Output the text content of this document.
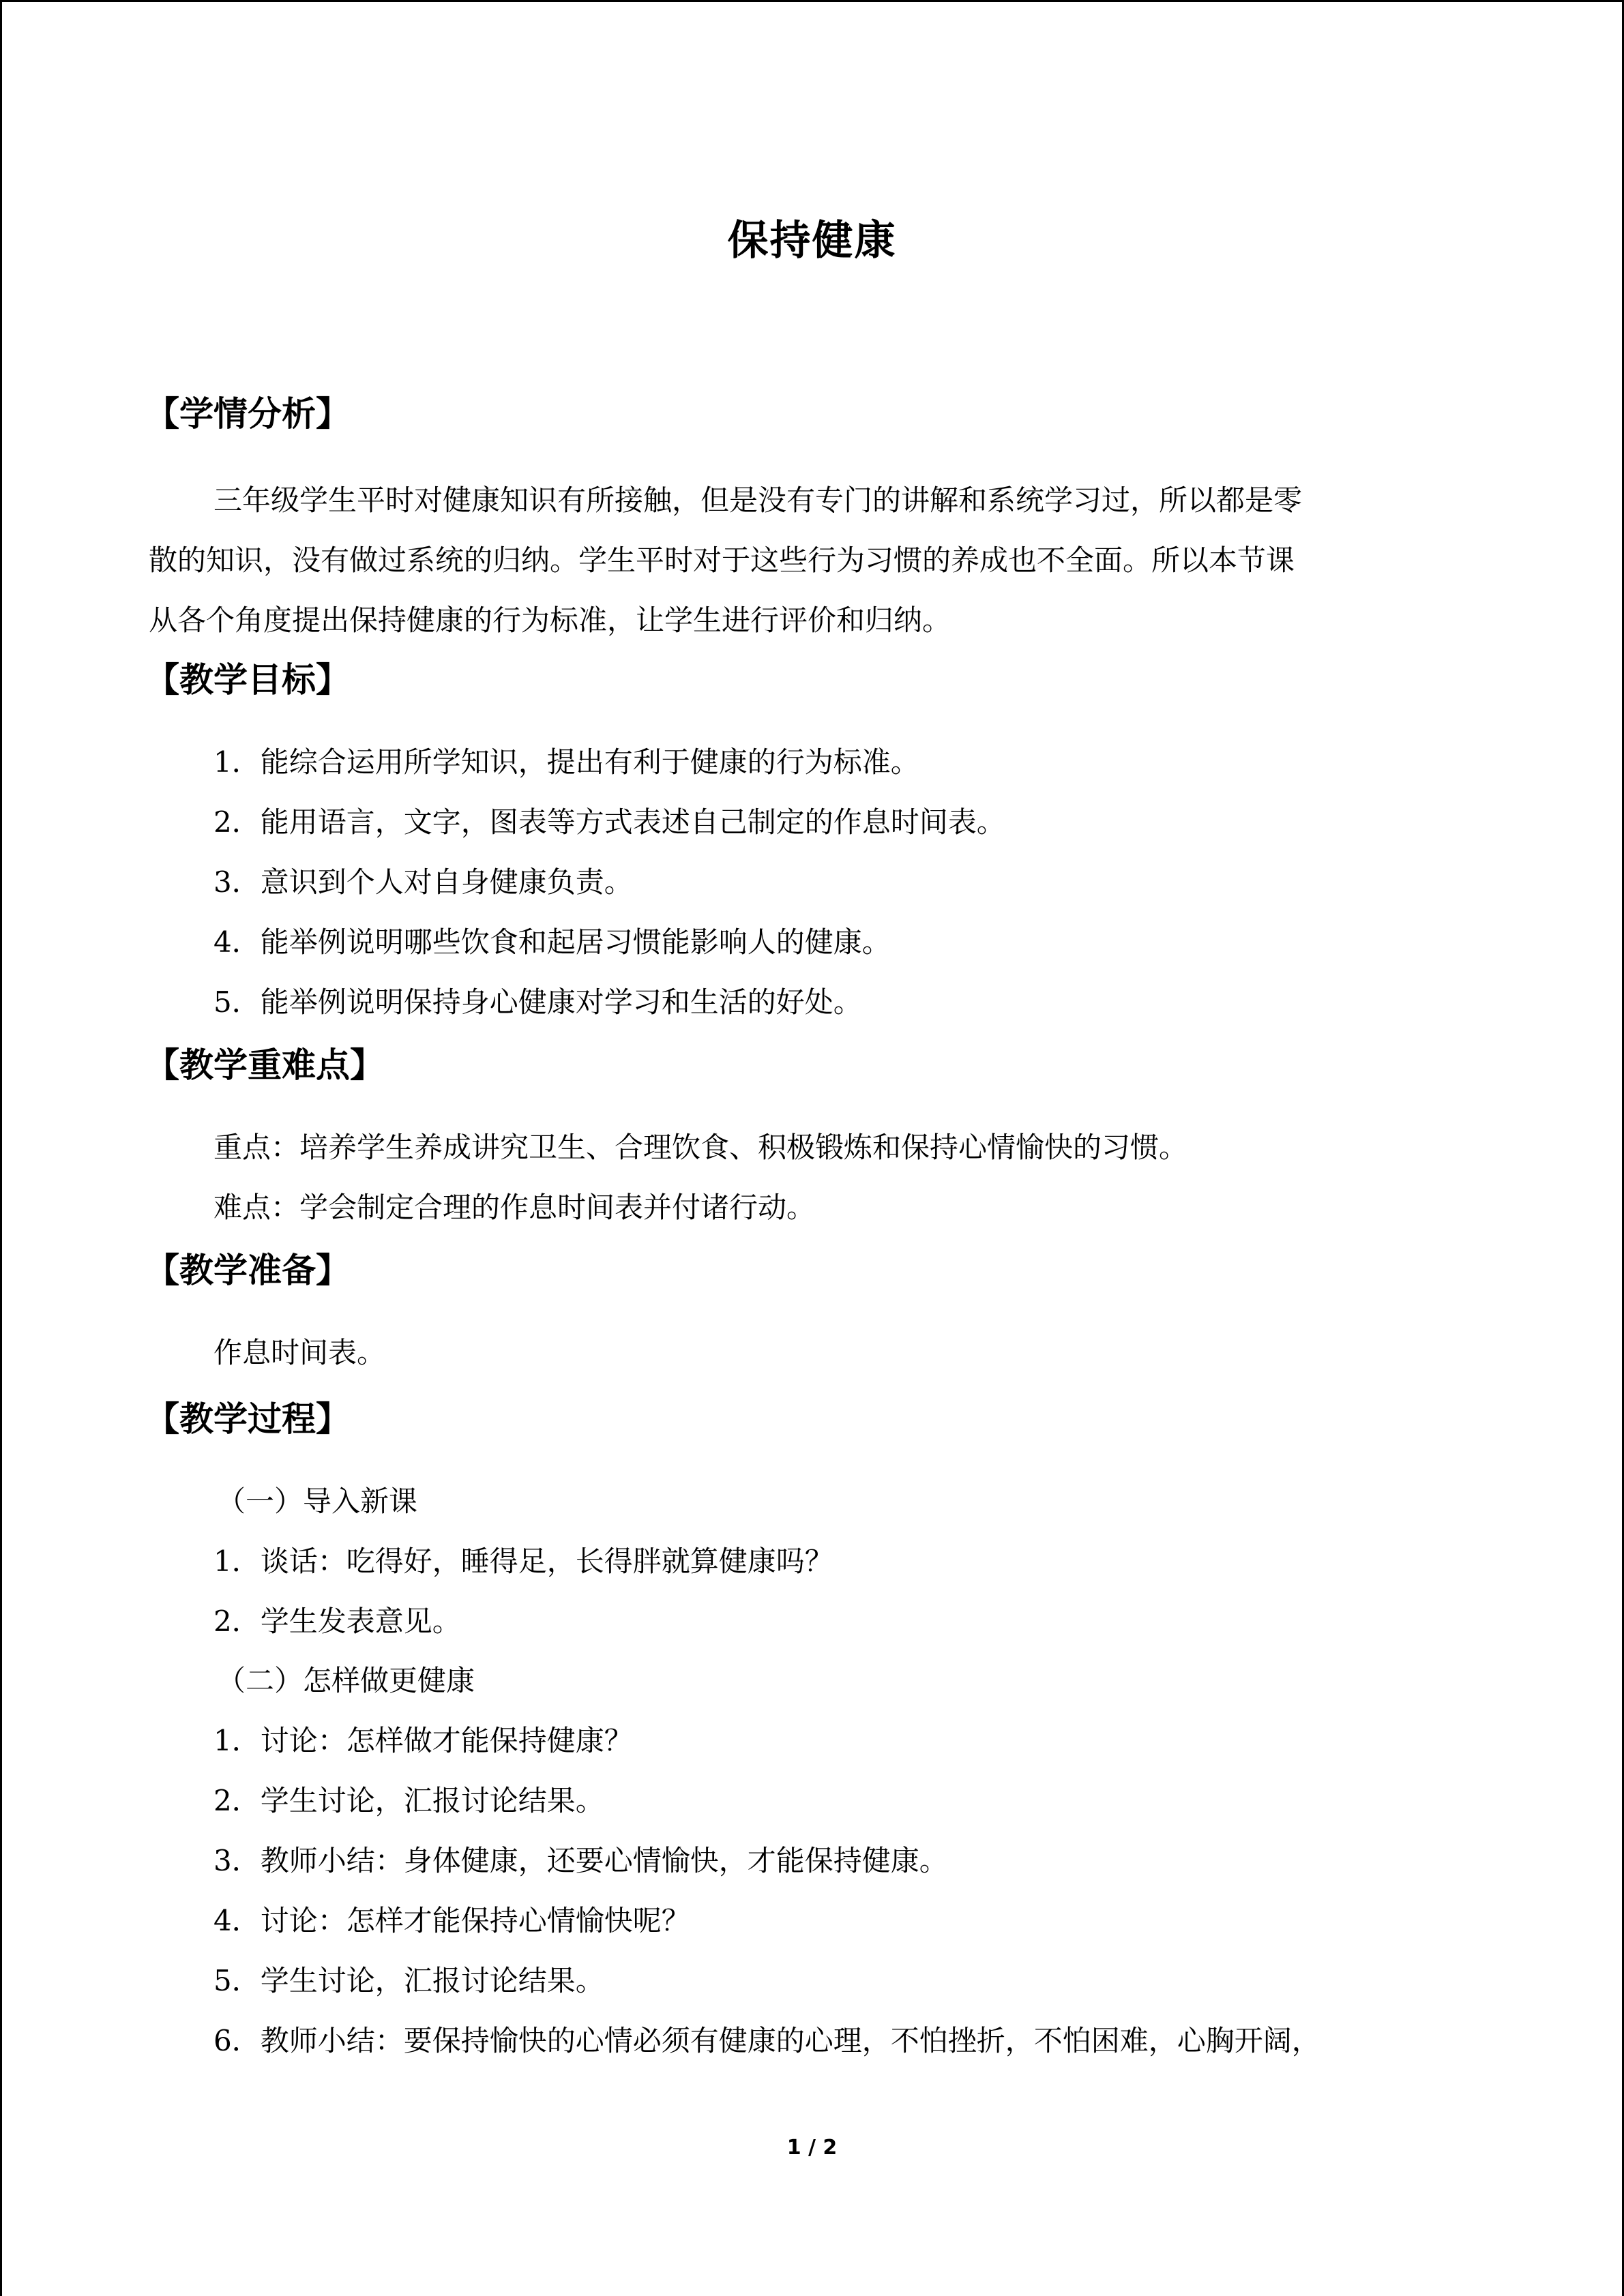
保持健康
【学情分析】
三年级学生平时对健康知识有所接触，但是没有专门的讲解和系统学习过，所以都是零
散的知识，没有做过系统的归纳。学生平时对于这些行为习惯的养成也不全面。所以本节课
从各个角度提出保持健康的行为标准，让学生进行评价和归纳。
【教学目标】
1．能综合运用所学知识，提出有利于健康的行为标准。
2．能用语言，文字，图表等方式表述自己制定的作息时间表。
3．意识到个人对自身健康负责。
4．能举例说明哪些饮食和起居习惯能影响人的健康。
5．能举例说明保持身心健康对学习和生活的好处。
【教学重难点】
重点：培养学生养成讲究卫生、合理饮食、积极锻炼和保持心情愉快的习惯。
难点：学会制定合理的作息时间表并付诸行动。
【教学准备】
作息时间表。
【教学过程】
（一）导入新课
1．谈话：吃得好，睡得足，长得胖就算健康吗？
2．学生发表意见。
（二）怎样做更健康
1．讨论：怎样做才能保持健康？
2．学生讨论，汇报讨论结果。
3．教师小结：身体健康，还要心情愉快，才能保持健康。
4．讨论：怎样才能保持心情愉快呢？
5．学生讨论，汇报讨论结果。
6．教师小结：要保持愉快的心情必须有健康的心理，不怕挫折，不怕困难，心胸开阔，
1 / 2
